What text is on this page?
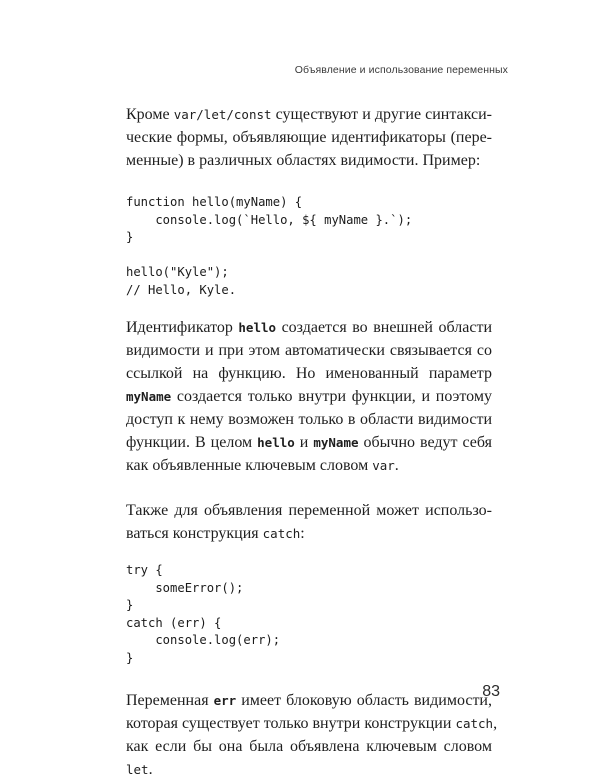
Объявление и использование переменных

Кроме var/let/const существуют и другие синтакси-
ческие формы, объявляющие идентификаторы (пере-
менные) в различных областях видимости. Пример:

function hello(myName) {
console.log(`Hello, ${ myName }.`);
}

hello("Kyle");
// Hello, Kyle.

Идентификатор hello создается во внешней области
видимости и при этом автоматически связывается со
ссылкой на функцию. Но именованный параметр
myName создается только внутри функции, и поэтому
доступ к нему возможен только в области видимости
функции. В целом hello и myName обычно ведут себя
как объявленные ключевым словом var.

Также для объявления переменной может использо-
ваться конструкция catch:

try {
someError();
}
catch (err) {
console.log(err);
}

Переменная err имеет блоковую область видимости,
которая существует только внутри конструкции catch,
как если бы она была объявлена ключевым словом
let.

83
